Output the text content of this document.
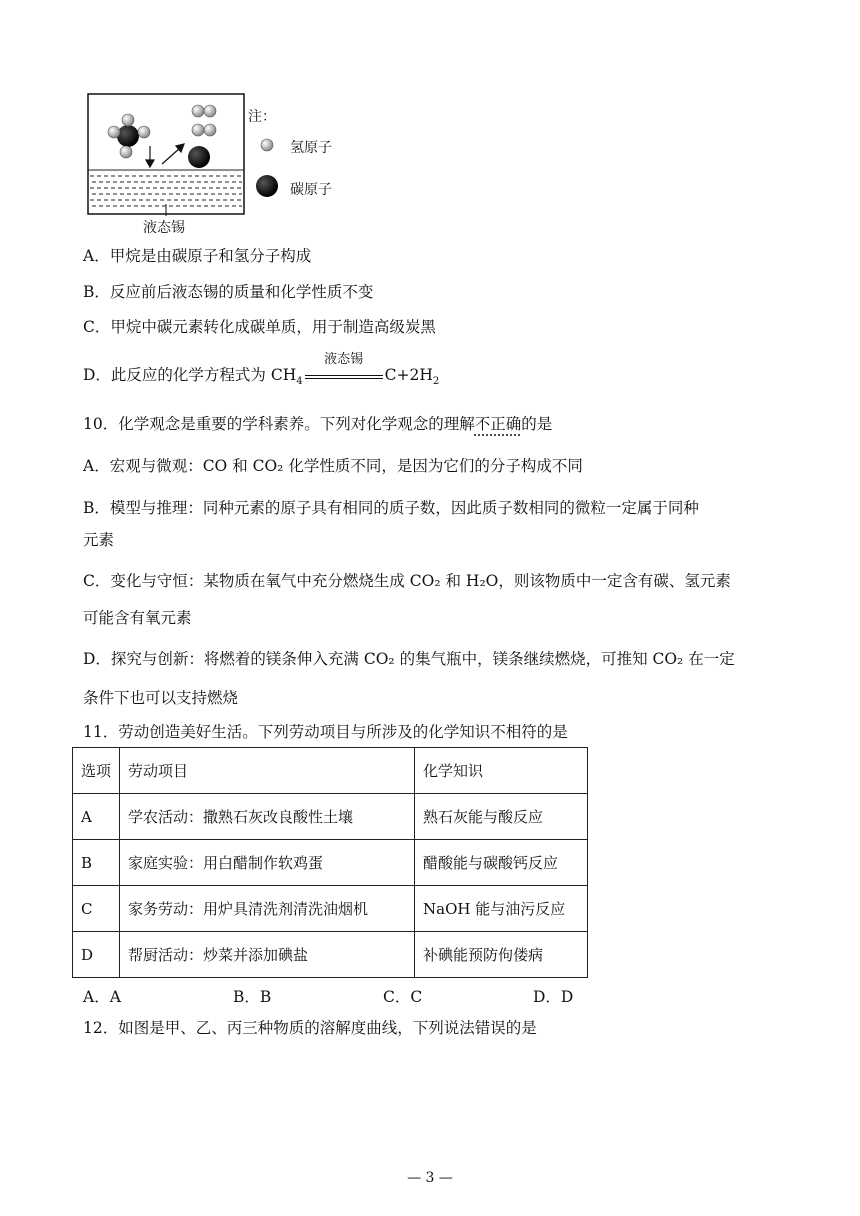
注：
氢原子
碳原子
液态锡
A．甲烷是由碳原子和氢分子构成
B．反应前后液态锡的质量和化学性质不变
C．甲烷中碳元素转化成碳单质，用于制造高级炭黑
D．此反应的化学方程式为 $CH_4$
液态锡
$C+2H_2$
10．化学观念是重要的学科素养。下列对化学观念的理解不正确的是
A．宏观与微观：CO 和 CO₂ 化学性质不同，是因为它们的分子构成不同
B．模型与推理：同种元素的原子具有相同的质子数，因此质子数相同的微粒一定属于同种
元素
C．变化与守恒：某物质在氧气中充分燃烧生成 CO₂ 和 H₂O，则该物质中一定含有碳、氢元素
可能含有氧元素
D．探究与创新：将燃着的镁条伸入充满 CO₂ 的集气瓶中，镁条继续燃烧，可推知 CO₂ 在一定
条件下也可以支持燃烧
11．劳动创造美好生活。下列劳动项目与所涉及的化学知识不相符的是
选项	劳动项目	化学知识
A	学农活动：撒熟石灰改良酸性土壤	熟石灰能与酸反应
B	家庭实验：用白醋制作软鸡蛋	醋酸能与碳酸钙反应
C	家务劳动：用炉具清洗剂清洗油烟机	NaOH 能与油污反应
D	帮厨活动：炒菜并添加碘盐	补碘能预防佝偻病
A．A	B．B	C．C	D．D
12．如图是甲、乙、丙三种物质的溶解度曲线，下列说法错误的是
— 3 —
